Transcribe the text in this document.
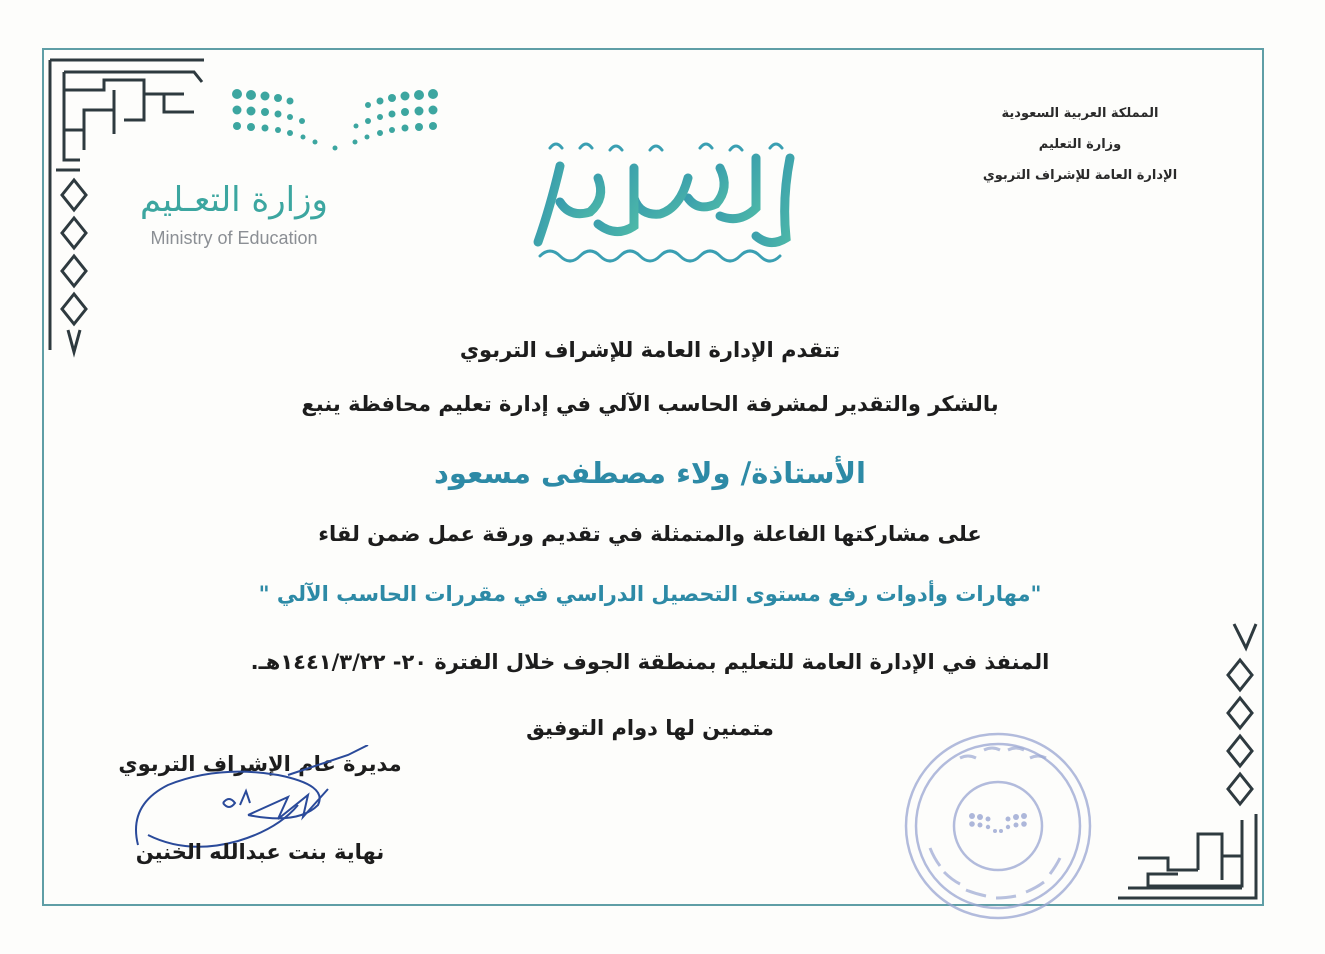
المملكة العربية السعودية
وزارة التعليم
الإدارة العامة للإشراف التربوي
وزارة التعـليم
Ministry of Education
تتقدم الإدارة العامة للإشراف التربوي
بالشكر والتقدير لمشرفة الحاسب الآلي في إدارة تعليم محافظة ينبع
الأستاذة/ ولاء مصطفى مسعود
على مشاركتها الفاعلة والمتمثلة في تقديم ورقة عمل ضمن لقاء
"مهارات وأدوات رفع مستوى التحصيل الدراسي في مقررات الحاسب الآلي "
المنفذ في الإدارة العامة للتعليم بمنطقة الجوف خلال الفترة ٢٠- ١٤٤١/٣/٢٢هـ.
متمنين لها دوام التوفيق
مديرة عام الإشراف التربوي
نهاية بنت عبدالله الخنين
